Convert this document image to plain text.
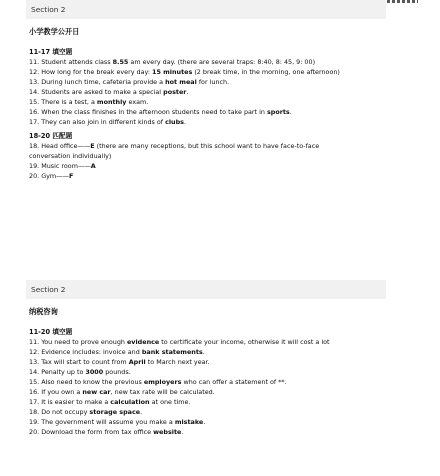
Section 2

小学教学公开日

11-17 填空题

11. Student attends class 8.55 am every day. (there are several traps: 8:40, 8: 45, 9: 00)

12. How long for the break every day: 15 minutes (2 break time, in the morning, one afternoon)

13. During lunch time, cafeteria provide a hot meal for lunch.

14. Students are asked to make a special poster.

15. There is a test, a monthly exam.

16. When the class finishes in the afternoon students need to take part in sports.

17. They can also join in different kinds of clubs.

18-20 匹配题

18. Head office——E (there are many receptions, but this school want to have face-to-face

conversation individually)

19. Music room——A

20. Gym——F

Section 2

纳税咨询

11-20 填空题

11. You need to prove enough evidence to certificate your income, otherwise it will cost a lot

12. Evidence includes: invoice and bank statements.

13. Tax will start to count from April to March next year.

14. Penalty up to 3000 pounds.

15. Also need to know the previous employers who can offer a statement of **.

16. If you own a new car, new tax rate will be calculated.

17. It is easier to make a calculation at one time.

18. Do not occupy storage space.

19. The government will assume you make a mistake.

20. Download the form from tax office website.
